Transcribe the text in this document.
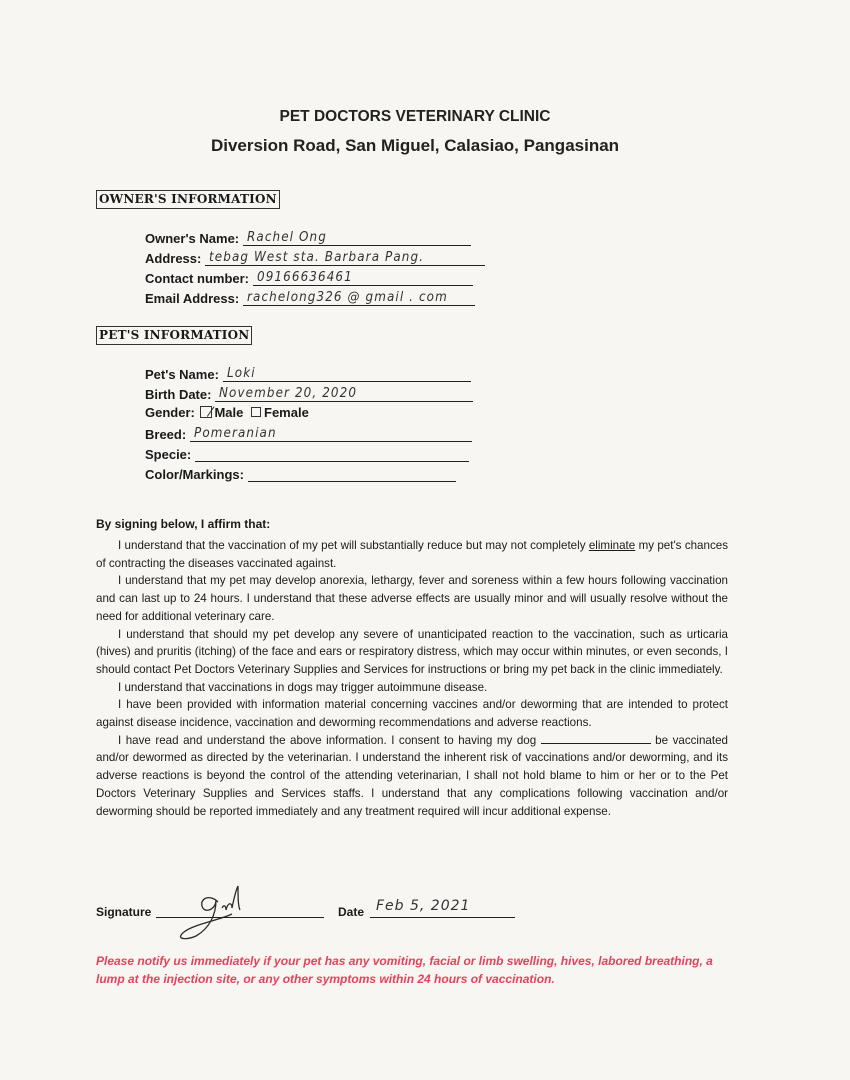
PET DOCTORS VETERINARY CLINIC
Diversion Road, San Miguel, Calasiao, Pangasinan
OWNER'S INFORMATION
Owner's Name: Rachel Ong
Address: tebag West sta. Barbara Pang.
Contact number: 09166636461
Email Address: rachelong326 @ gmail . com
PET'S INFORMATION
Pet's Name: Loki
Birth Date: November 20, 2020
Gender: Male Female
Breed: Pomeranian
Specie:
Color/Markings:
By signing below, I affirm that:

I understand that the vaccination of my pet will substantially reduce but may not completely eliminate my pet's chances of contracting the diseases vaccinated against.

I understand that my pet may develop anorexia, lethargy, fever and soreness within a few hours following vaccination and can last up to 24 hours. I understand that these adverse effects are usually minor and will usually resolve without the need for additional veterinary care.

I understand that should my pet develop any severe of unanticipated reaction to the vaccination, such as urticaria (hives) and pruritis (itching) of the face and ears or respiratory distress, which may occur within minutes, or even seconds, I should contact Pet Doctors Veterinary Supplies and Services for instructions or bring my pet back in the clinic immediately.

I understand that vaccinations in dogs may trigger autoimmune disease.

I have been provided with information material concerning vaccines and/or deworming that are intended to protect against disease incidence, vaccination and deworming recommendations and adverse reactions.

I have read and understand the above information. I consent to having my dog	be vaccinated and/or dewormed as directed by the veterinarian. I understand the inherent risk of vaccinations and/or deworming, and its adverse reactions is beyond the control of the attending veterinarian, I shall not hold blame to him or her or to the Pet Doctors Veterinary Supplies and Services staffs. I understand that any complications following vaccination and/or deworming should be reported immediately and any treatment required will incur additional expense.

Signature	Date Feb 5, 2021
Please notify us immediately if your pet has any vomiting, facial or limb swelling, hives, labored breathing, a lump at the injection site, or any other symptoms within 24 hours of vaccination.
